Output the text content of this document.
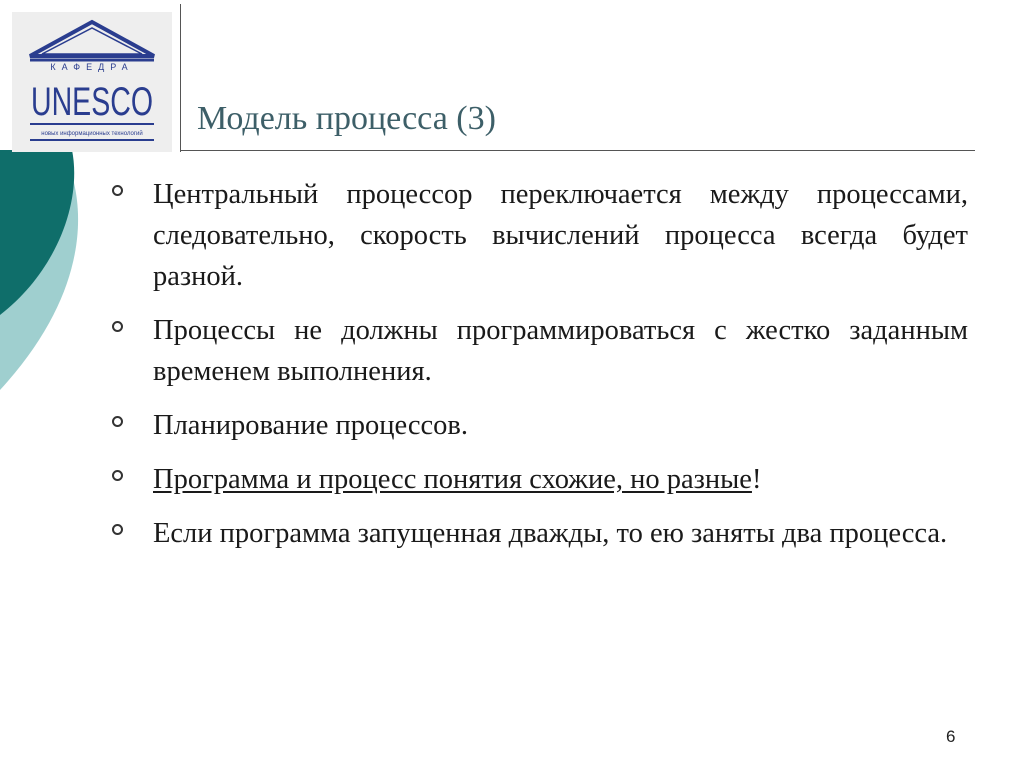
КАФЕДРА
UNESCO
новых информационных технологий Модель процесса (3)
Центральный процессор переключается между процессами, следовательно, скорость вычислений процесса всегда будет разной.
Процессы не должны программироваться с жестко заданным временем выполнения.
Планирование процессов.
Программа и процесс понятия схожие, но разные!
Если программа запущенная дважды, то ею заняты два процесса.
6
